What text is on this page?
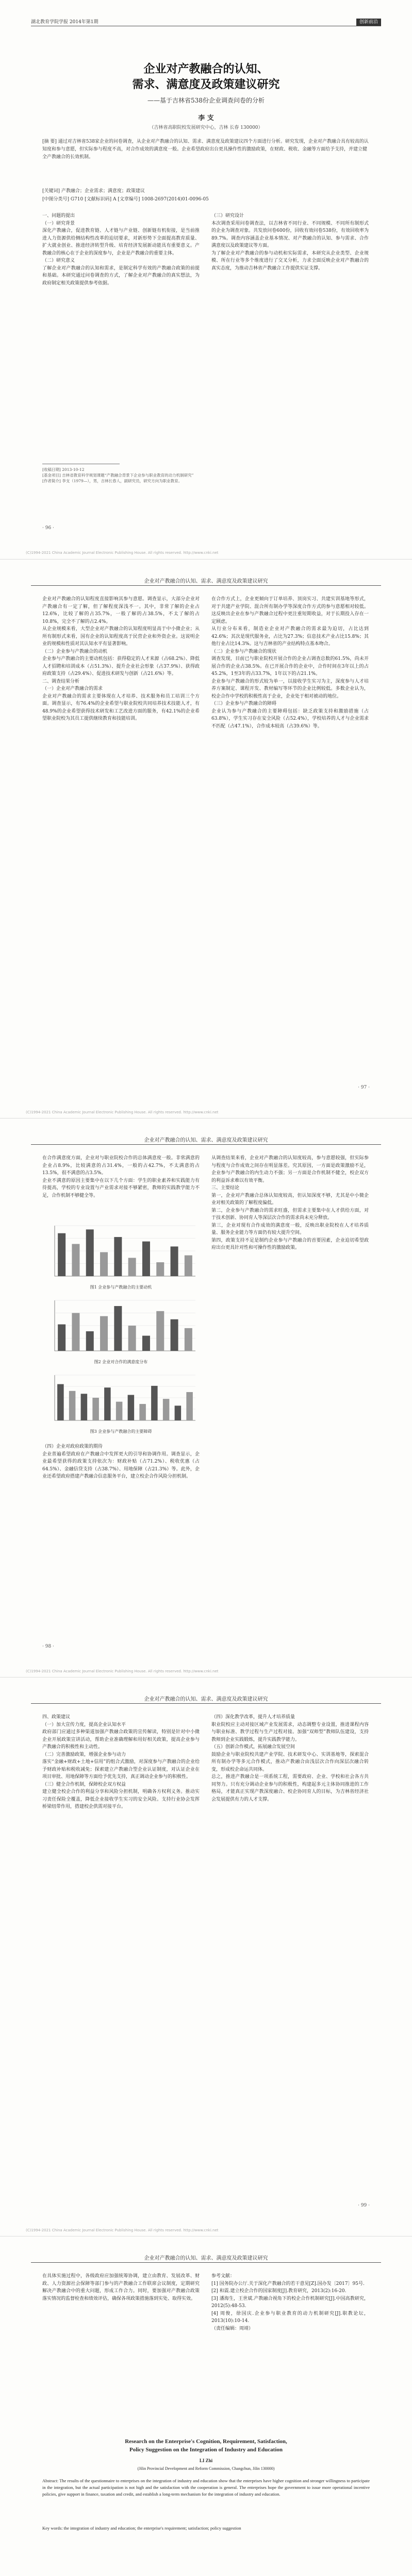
湖北教育学院学报 2014年第1期	创新前沿
企业对产教融合的认知、
需求、满意度及政策建议研究
——基于吉林省538份企业调查问卷的分析
李 支
（吉林省高职院校发展研究中心，吉林 长春 130000）
[摘 要] 通过对吉林省538家企业的问卷调查，从企业对产教融合的认知、需求、满意度及政策建议四个方面进行分析。研究发现，企业对产教融合具有较高的认知度和参与意愿，但实际参与程度不高，对合作成效的满意度一般。企业希望政府出台更具操作性的激励政策，在财政、税收、金融等方面给予支持，并建立健全产教融合的长效机制。
[关键词] 产教融合；企业需求；满意度；政策建议
[中图分类号] G710 [文献标识码] A [文章编号] 1008-2697(2014)01-0096-05
一、问题的提出
（一）研究背景
深化产教融合，促进教育链、人才链与产业链、创新链有机衔接，是当前推进人力资源供给侧结构性改革的迫切要求，对新形势下全面提高教育质量、扩大就业创业、推进经济转型升级、培育经济发展新动能具有重要意义。产教融合的核心在于企业的深度参与，企业是产教融合的重要主体。
（二）研究意义
了解企业对产教融合的认知和需求，是制定科学有效的产教融合政策的前提和基础。本研究通过问卷调查的方式，了解企业对产教融合的真实想法，为政府制定相关政策提供参考依据。
（三）研究设计
本次调查采用问卷调查法，以吉林省不同行业、不同规模、不同所有制形式的企业为调查对象。共发放问卷600份，回收有效问卷538份，有效回收率为89.7%。调查内容涵盖企业基本情况、对产教融合的认知、参与需求、合作满意度以及政策建议等方面。
为了解企业对产教融合的参与动机和实际需求，本研究从企业类型、企业规模、所在行业等多个维度进行了交叉分析，力求全面反映企业对产教融合的真实态度，为推动吉林省产教融合工作提供实证支撑。
[收稿日期] 2013-10-12
[基金项目] 吉林省教育科学规划课题“产教融合背景下企业参与职业教育的动力机制研究”
[作者简介] 李支（1979—），男，吉林长春人，副研究员，研究方向为职业教育。
· 96 ·
(C)1994-2021 China Academic Journal Electronic Publishing House. All rights reserved. http://www.cnki.net
企业对产教融合的认知、需求、满意度及政策建议研究
企业对产教融合的认知程度直接影响其参与意愿。调查显示，大部分企业对产教融合有一定了解，但了解程度深浅不一。其中，非常了解的企业占12.6%，比较了解的占35.7%，一般了解的占38.5%，不太了解的占10.8%，完全不了解的占2.4%。
从企业规模来看，大型企业对产教融合的认知程度明显高于中小微企业；从所有制形式来看，国有企业的认知程度高于民营企业和外资企业。这说明企业的规模和性质对其认知水平有显著影响。
（二）企业参与产教融合的动机
企业参与产教融合的主要动机包括：获得稳定的人才来源（占68.2%）、降低人才招聘和培训成本（占51.3%）、提升企业社会形象（占37.9%）、获得政府政策支持（占29.4%）、促进技术研发与创新（占21.6%）等。
二、调查结果分析
（一）企业对产教融合的需求
企业对产教融合的需求主要体现在人才培养、技术服务和员工培训三个方面。调查显示，有76.4%的企业希望与职业院校共同培养技术技能人才，有48.9%的企业希望获得技术研发和工艺改进方面的服务，有42.1%的企业希望职业院校为其员工提供继续教育和技能培训。
在合作方式上，企业更倾向于订单培养、顶岗实习、共建实训基地等形式，对于共建产业学院、混合所有制办学等深度合作方式的参与意愿相对较低。这反映出企业在参与产教融合过程中更注重短期收益，对于长期投入存在一定顾虑。
从行业分布来看，制造业企业对产教融合的需求最为迫切，占比达到42.6%；其次是现代服务业，占比为27.3%；信息技术产业占比15.8%；其他行业占比14.3%。这与吉林省的产业结构特点基本吻合。
（二）企业参与产教融合的现状
调查发现，目前已与职业院校开展合作的企业占调查总数的61.5%，尚未开展合作的企业占38.5%。在已开展合作的企业中，合作时间在3年以上的占45.2%，1至3年的占33.7%，1年以下的占21.1%。
企业参与产教融合的形式较为单一，以接收学生实习为主，深度参与人才培养方案制定、课程开发、教材编写等环节的企业比例较低。多数企业认为，校企合作中学校的积极性高于企业，企业处于相对被动的地位。
（三）企业参与产教融合的障碍
企业认为参与产教融合的主要障碍包括：缺乏政策支持和激励措施（占63.8%），学生实习存在安全风险（占52.4%），学校培养的人才与企业需求不匹配（占47.1%），合作成本较高（占39.6%）等。
· 97 ·
(C)1994-2021 China Academic Journal Electronic Publishing House. All rights reserved. http://www.cnki.net
企业对产教融合的认知、需求、满意度及政策建议研究
在合作满意度方面，企业对与职业院校合作的总体满意度一般。非常满意的企业占8.9%，比较满意的占31.4%，一般的占42.7%，不太满意的占13.5%，很不满意的占3.5%。
企业不满意的原因主要集中在以下几个方面：学生的职业素养和实践能力有待提高，学校的专业设置与产业需求对接不够紧密，教师的实践教学能力不足，合作机制不够健全等。
图1 企业参与产教融合的主要动机
图2 企业对合作的满意度分布
图3 企业参与产教融合的主要障碍
（四）企业对政府政策的期待
企业普遍希望政府在产教融合中发挥更大的引导和协调作用。调查显示，企业最希望获得的政策支持依次为：财政补贴（占71.2%）、税收优惠（占64.5%）、金融信贷支持（占38.7%）、用地保障（占21.3%）等。此外，企业还希望政府搭建产教融合信息服务平台，建立校企合作风险分担机制。
从调查结果来看，企业对产教融合的认知度较高，参与意愿较强，但实际参与程度与合作成效之间存在明显落差。究其原因，一方面是政策激励不足，企业参与产教融合的内生动力不强；另一方面是合作机制不健全，校企双方的利益诉求难以有效平衡。
三、主要结论
第一，企业对产教融合总体认知度较高，但认知深度不够，尤其是中小微企业对相关政策的了解程度偏低。
第二，企业参与产教融合的需求旺盛，但需求主要集中在人才供给方面，对于技术创新、协同育人等深层次合作的需求尚未充分释放。
第三，企业对现有合作成效的满意度一般，反映出职业院校在人才培养质量、服务企业能力等方面仍有较大提升空间。
第四，政策支持不足是制约企业参与产教融合的首要因素，企业迫切希望政府出台更具针对性和可操作性的激励政策。
· 98 ·
(C)1994-2021 China Academic Journal Electronic Publishing House. All rights reserved. http://www.cnki.net
企业对产教融合的认知、需求、满意度及政策建议研究
四、政策建议
（一）加大宣传力度，提高企业认知水平
政府部门应通过多种渠道加强产教融合政策的宣传解读，特别是针对中小微企业开展政策宣讲活动，帮助企业准确理解和用好相关政策，提高企业参与产教融合的积极性和主动性。
（二）完善激励政策，增强企业参与动力
落实“金融+财政+土地+信用”的组合式激励，对深度参与产教融合的企业给予财政补贴和税收减免；探索建立产教融合型企业认证制度，对认证企业在项目审批、用地保障等方面给予优先支持，真正调动企业参与的积极性。
（三）健全合作机制，保障校企双方权益
建立健全校企合作的利益分享和风险分担机制，明确各方权利义务。推动实习责任保险全覆盖，降低企业接收学生实习的安全风险。支持行业协会发挥桥梁纽带作用，搭建校企供需对接平台。
（四）深化教学改革，提升人才培养质量
职业院校应主动对接区域产业发展需求，动态调整专业设置，推进课程内容与职业标准、教学过程与生产过程对接。加强“双师型”教师队伍建设，支持教师到企业实践锻炼，提升实践教学能力。
（五）创新合作模式，拓展融合发展空间
鼓励企业与职业院校共建产业学院、技术研发中心、实训基地等，探索混合所有制办学等多元合作模式，推动产教融合由浅层次合作向深层次融合转变，形成校企命运共同体。
总之，推进产教融合是一项系统工程，需要政府、企业、学校和社会各方共同努力。只有充分调动企业参与的积极性，构建起多元主体协同推进的工作格局，才能真正实现产教深度融合、校企协同育人的目标，为吉林省经济社会发展提供有力的人才支撑。
· 99 ·
(C)1994-2021 China Academic Journal Electronic Publishing House. All rights reserved. http://www.cnki.net
企业对产教融合的认知、需求、满意度及政策建议研究
在具体实施过程中，各级政府应加强统筹协调，建立由教育、发展改革、财政、人力资源社会保障等部门参与的产教融合工作联席会议制度，定期研究解决产教融合中的重大问题，形成工作合力。同时，要加强对产教融合政策落实情况的监督检查和绩效评估，确保各项政策措施落到实处、取得实效。
参考文献：
[1] 国务院办公厅.关于深化产教融合的若干意见[Z].国办发〔2017〕95号.
[2] 和震.建立校企合作的国家制度[J].教育研究，2013(2):16-20.
[3] 潘海生，王世斌.产教融合视角下的校企合作机制研究[J].中国高教研究，2012(5):48-53.
[4] 周俊，徐国庆.企业参与职业教育的动力机制研究[J].职教论坛，2013(10):10-14.
（责任编辑：周靖）
Research on the Enterprise's Cognition, Requirement, Satisfaction,
Policy Suggestion on the Integration of Industry and Education
LI Zhi
(Jilin Provincial Development and Reform Commission, Changchun, Jilin 130000)
Abstract: The results of the questionnaire to enterprises on the integration of industry and education show that the enterprises have higher cognition and stronger willingness to participate in the integration, but the actual participation is not high and the satisfaction with the cooperation is general. The enterprises hope the government to issue more operational incentive policies, give support in finance, taxation and credit, and establish a long-term mechanism for the integration of industry and education.
Key words: the integration of industry and education; the enterprise's requirement; satisfaction; policy suggestion
